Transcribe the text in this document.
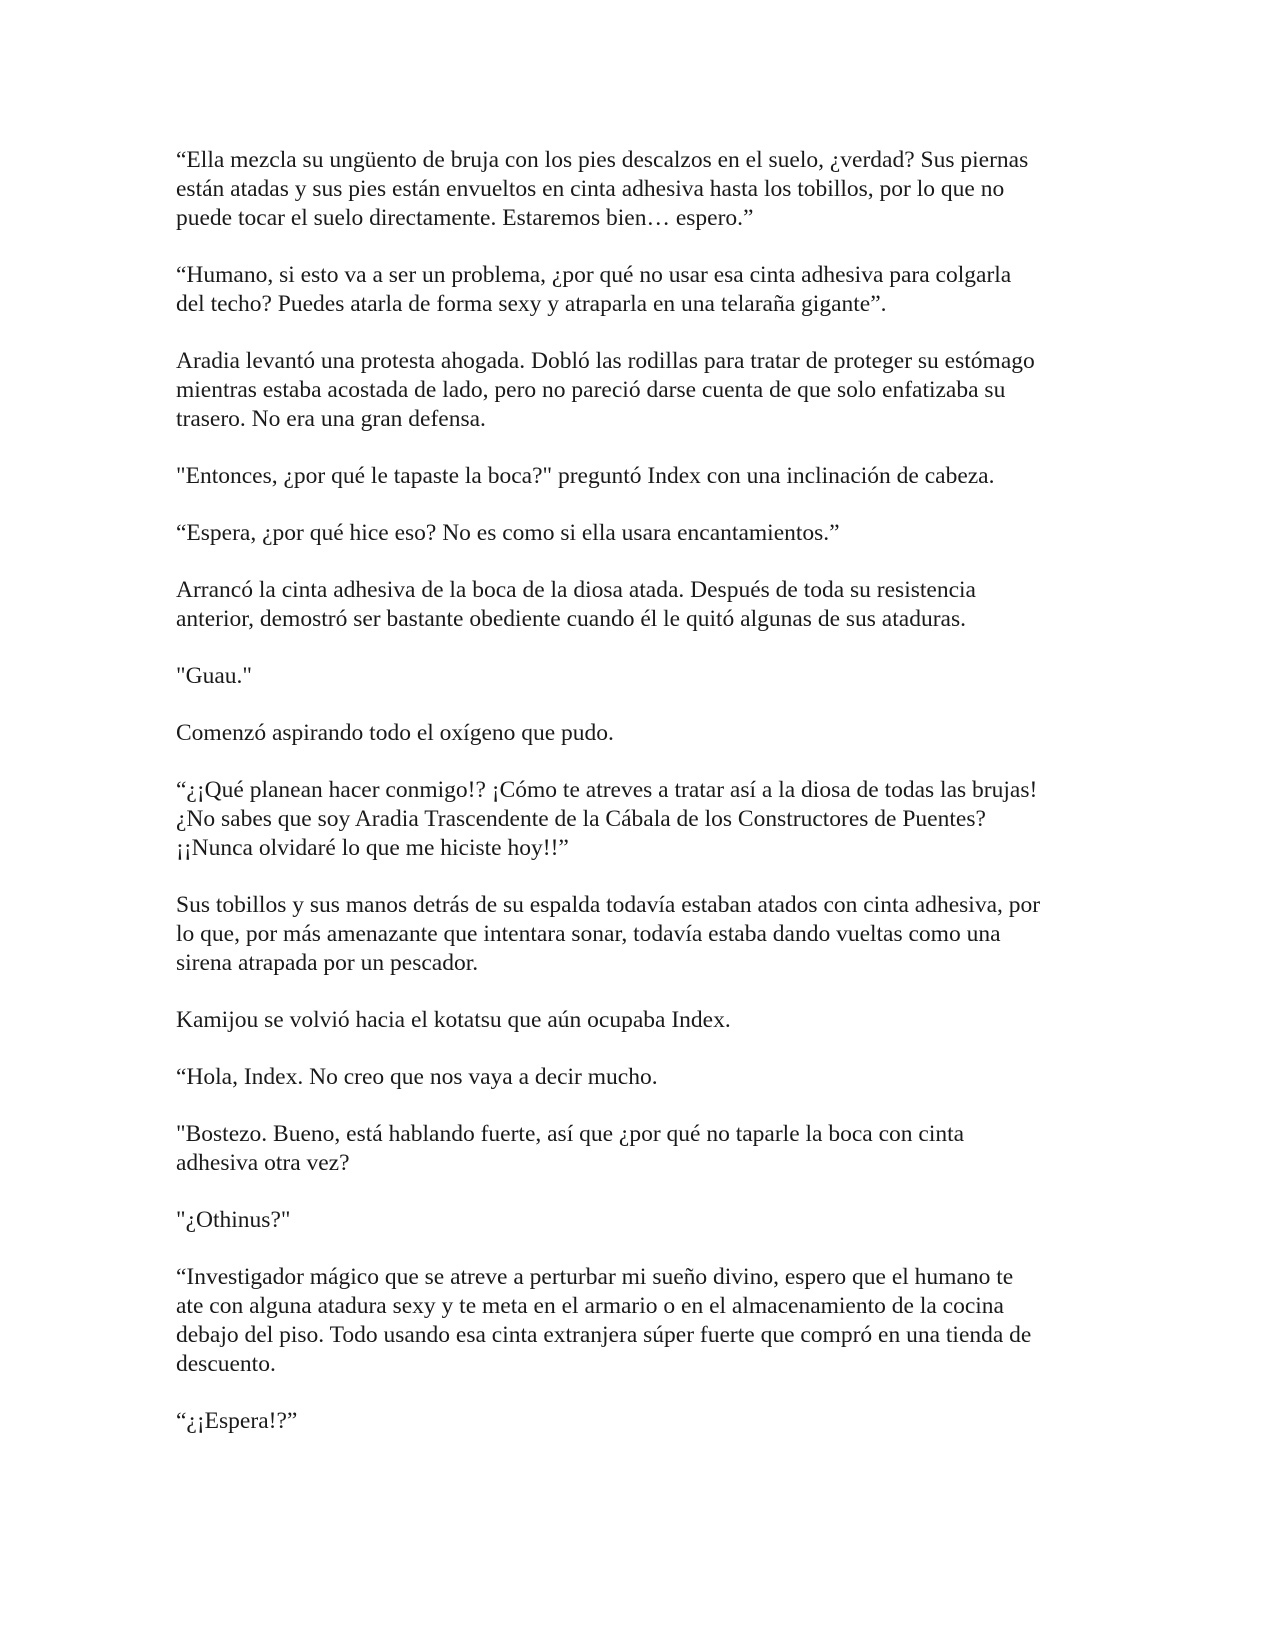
“Ella mezcla su ungüento de bruja con los pies descalzos en el suelo, ¿verdad? Sus piernas
están atadas y sus pies están envueltos en cinta adhesiva hasta los tobillos, por lo que no
puede tocar el suelo directamente. Estaremos bien… espero.”

“Humano, si esto va a ser un problema, ¿por qué no usar esa cinta adhesiva para colgarla
del techo? Puedes atarla de forma sexy y atraparla en una telaraña gigante”.

Aradia levantó una protesta ahogada. Dobló las rodillas para tratar de proteger su estómago
mientras estaba acostada de lado, pero no pareció darse cuenta de que solo enfatizaba su
trasero. No era una gran defensa.

"Entonces, ¿por qué le tapaste la boca?" preguntó Index con una inclinación de cabeza.

“Espera, ¿por qué hice eso? No es como si ella usara encantamientos.”

Arrancó la cinta adhesiva de la boca de la diosa atada. Después de toda su resistencia
anterior, demostró ser bastante obediente cuando él le quitó algunas de sus ataduras.

"Guau."

Comenzó aspirando todo el oxígeno que pudo.

“¿¡Qué planean hacer conmigo!? ¡Cómo te atreves a tratar así a la diosa de todas las brujas!
¿No sabes que soy Aradia Trascendente de la Cábala de los Constructores de Puentes?
¡¡Nunca olvidaré lo que me hiciste hoy!!”

Sus tobillos y sus manos detrás de su espalda todavía estaban atados con cinta adhesiva, por
lo que, por más amenazante que intentara sonar, todavía estaba dando vueltas como una
sirena atrapada por un pescador.

Kamijou se volvió hacia el kotatsu que aún ocupaba Index.

“Hola, Index. No creo que nos vaya a decir mucho.

"Bostezo. Bueno, está hablando fuerte, así que ¿por qué no taparle la boca con cinta
adhesiva otra vez?

"¿Othinus?"

“Investigador mágico que se atreve a perturbar mi sueño divino, espero que el humano te
ate con alguna atadura sexy y te meta en el armario o en el almacenamiento de la cocina
debajo del piso. Todo usando esa cinta extranjera súper fuerte que compró en una tienda de
descuento.

“¿¡Espera!?”
